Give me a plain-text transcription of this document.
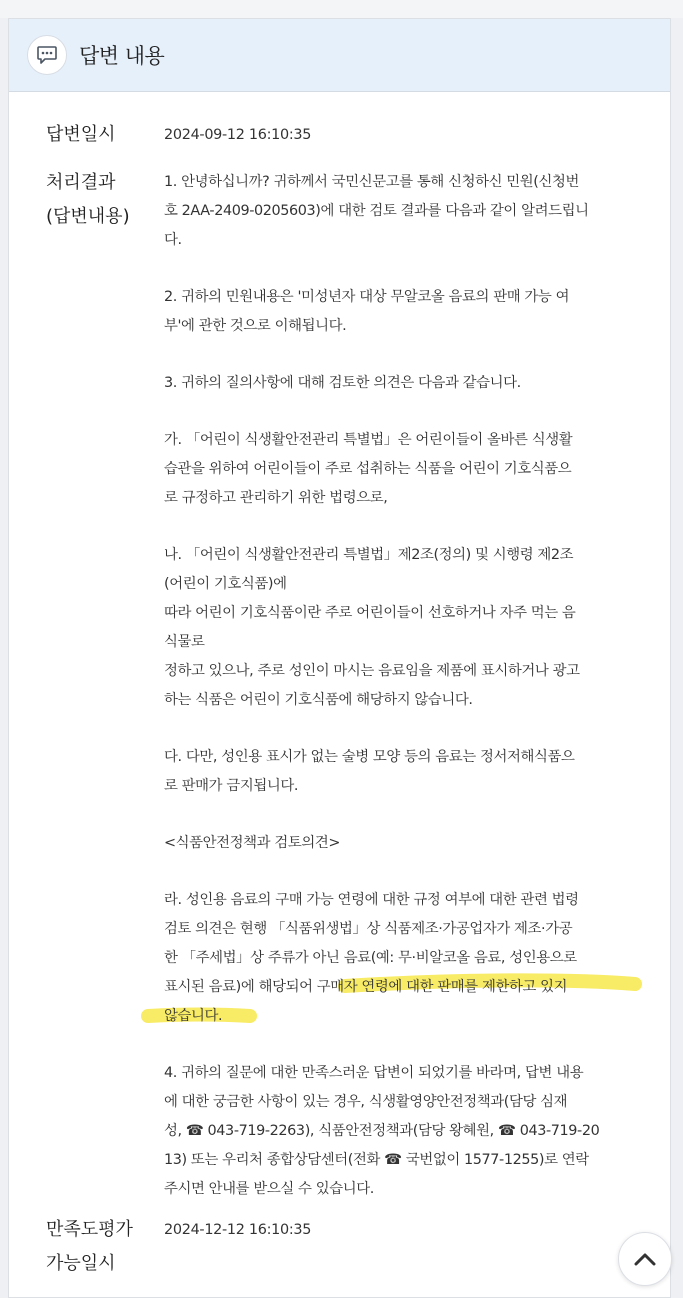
답변 내용
답변일시	2024-09-12 16:10:35
처리결과
(답변내용)
1. 안녕하십니까? 귀하께서 국민신문고를 통해 신청하신 민원(신청번
호 2AA-2409-0205603)에 대한 검토 결과를 다음과 같이 알려드립니
다.
2. 귀하의 민원내용은 '미성년자 대상 무알코올 음료의 판매 가능 여
부'에 관한 것으로 이해됩니다.
3. 귀하의 질의사항에 대해 검토한 의견은 다음과 같습니다.
가. 「어린이 식생활안전관리 특별법」은 어린이들이 올바른 식생활
습관을 위하여 어린이들이 주로 섭취하는 식품을 어린이 기호식품으
로 규정하고 관리하기 위한 법령으로,
나. 「어린이 식생활안전관리 특별법」제2조(정의) 및 시행령 제2조
(어린이 기호식품)에
따라 어린이 기호식품이란 주로 어린이들이 선호하거나 자주 먹는 음
식물로
정하고 있으나, 주로 성인이 마시는 음료임을 제품에 표시하거나 광고
하는 식품은 어린이 기호식품에 해당하지 않습니다.
다. 다만, 성인용 표시가 없는 술병 모양 등의 음료는 정서저해식품으
로 판매가 금지됩니다.
<식품안전정책과 검토의견>
라. 성인용 음료의 구매 가능 연령에 대한 규정 여부에 대한 관련 법령
검토 의견은 현행 「식품위생법」상 식품제조·가공업자가 제조·가공
한 「주세법」상 주류가 아닌 음료(예: 무·비알코올 음료, 성인용으로
표시된 음료)에 해당되어 구매자 연령에 대한 판매를 제한하고 있지
않습니다.
4. 귀하의 질문에 대한 만족스러운 답변이 되었기를 바라며, 답변 내용
에 대한 궁금한 사항이 있는 경우, 식생활영양안전정책과(담당 심재
성, ☎ 043-719-2263), 식품안전정책과(담당 왕혜원, ☎ 043-719-20
13) 또는 우리처 종합상담센터(전화 ☎ 국번없이 1577-1255)로 연락
주시면 안내를 받으실 수 있습니다.
만족도평가
가능일시
2024-12-12 16:10:35
